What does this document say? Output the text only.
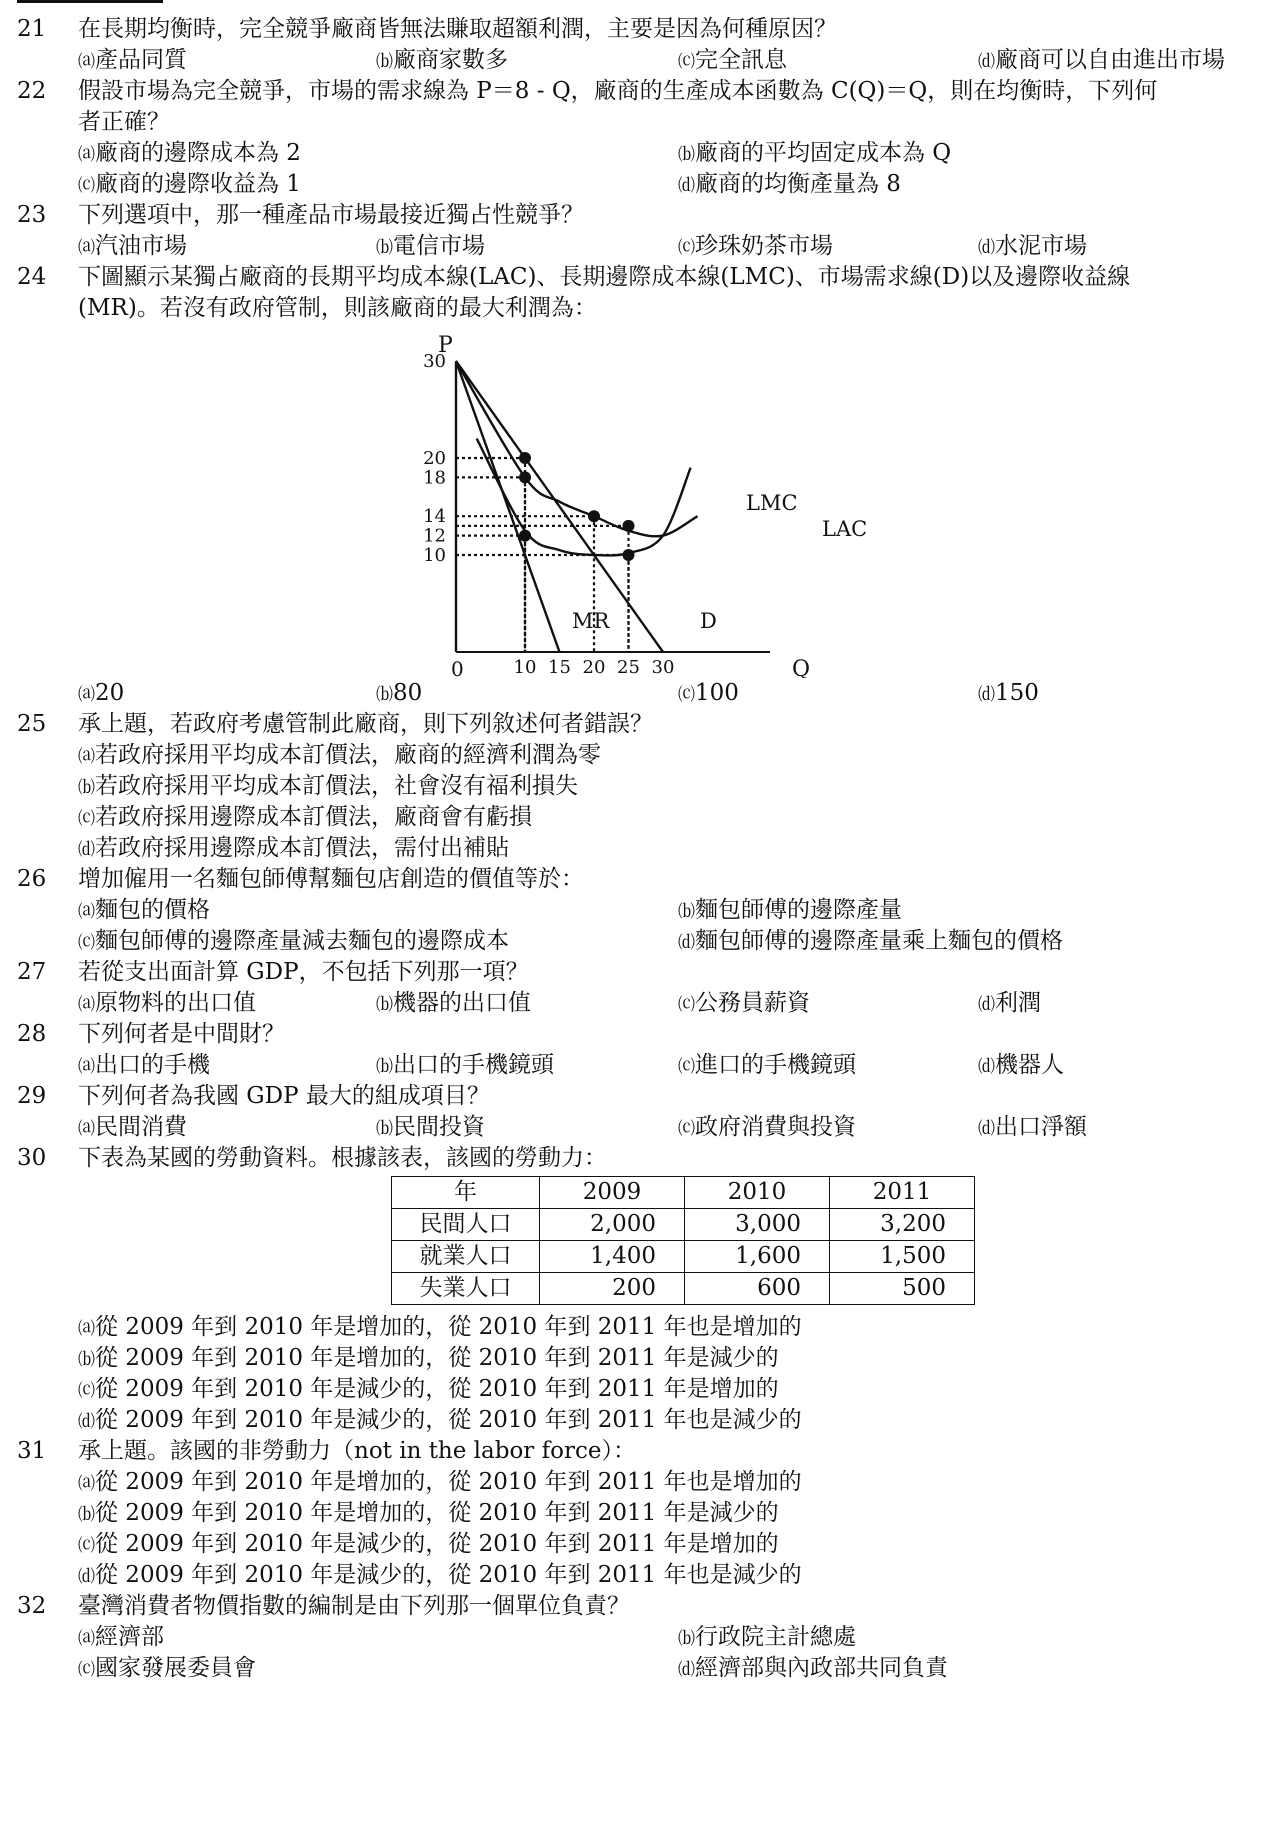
21 在長期均衡時，完全競爭廠商皆無法賺取超額利潤，主要是因為何種原因？
⒜產品同質	⒝廠商家數多	⒞完全訊息	⒟廠商可以自由進出市場
22 假設市場為完全競爭，市場的需求線為 P＝8 - Q，廠商的生產成本函數為 C(Q)＝Q，則在均衡時，下列何
者正確？
⒜廠商的邊際成本為 2	⒝廠商的平均固定成本為 Q
⒞廠商的邊際收益為 1	⒟廠商的均衡產量為 8
23 下列選項中，那一種產品市場最接近獨占性競爭？
⒜汽油市場	⒝電信市場	⒞珍珠奶茶市場	⒟水泥市場
24 下圖顯示某獨占廠商的長期平均成本線(LAC)、長期邊際成本線(LMC)、市場需求線(D)以及邊際收益線
(MR)。若沒有政府管制，則該廠商的最大利潤為：
P
Q
0
30
20
18
14
12
10
10 15 20 25 30
LMC
LAC
MR	D
⒜20	⒝80	⒞100	⒟150
25 承上題，若政府考慮管制此廠商，則下列敘述何者錯誤？
⒜若政府採用平均成本訂價法，廠商的經濟利潤為零
⒝若政府採用平均成本訂價法，社會沒有福利損失
⒞若政府採用邊際成本訂價法，廠商會有虧損
⒟若政府採用邊際成本訂價法，需付出補貼
26 增加僱用一名麵包師傅幫麵包店創造的價值等於：
⒜麵包的價格	⒝麵包師傅的邊際產量
⒞麵包師傅的邊際產量減去麵包的邊際成本	⒟麵包師傅的邊際產量乘上麵包的價格
27 若從支出面計算 GDP，不包括下列那一項？
⒜原物料的出口值	⒝機器的出口值	⒞公務員薪資	⒟利潤
28 下列何者是中間財？
⒜出口的手機	⒝出口的手機鏡頭	⒞進口的手機鏡頭	⒟機器人
29 下列何者為我國 GDP 最大的組成項目？
⒜民間消費	⒝民間投資	⒞政府消費與投資	⒟出口淨額
30 下表為某國的勞動資料。根據該表，該國的勞動力：
年	2009	2010	2011
民間人口	2,000	3,000	3,200
就業人口	1,400	1,600	1,500
失業人口	200	600	500
⒜從 2009 年到 2010 年是增加的，從 2010 年到 2011 年也是增加的
⒝從 2009 年到 2010 年是增加的，從 2010 年到 2011 年是減少的
⒞從 2009 年到 2010 年是減少的，從 2010 年到 2011 年是增加的
⒟從 2009 年到 2010 年是減少的，從 2010 年到 2011 年也是減少的
31 承上題。該國的非勞動力（not in the labor force）：
⒜從 2009 年到 2010 年是增加的，從 2010 年到 2011 年也是增加的
⒝從 2009 年到 2010 年是增加的，從 2010 年到 2011 年是減少的
⒞從 2009 年到 2010 年是減少的，從 2010 年到 2011 年是增加的
⒟從 2009 年到 2010 年是減少的，從 2010 年到 2011 年也是減少的
32 臺灣消費者物價指數的編制是由下列那一個單位負責？
⒜經濟部	⒝行政院主計總處
⒞國家發展委員會	⒟經濟部與內政部共同負責
